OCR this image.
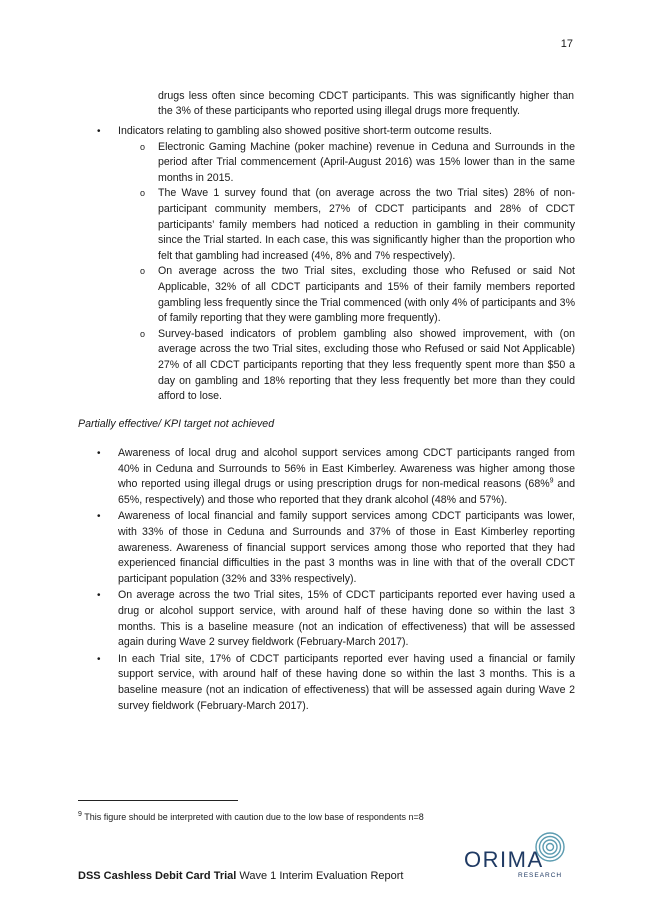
17

drugs less often since becoming CDCT participants. This was significantly higher than the 3% of these participants who reported using illegal drugs more frequently.

• Indicators relating to gambling also showed positive short-term outcome results.
o Electronic Gaming Machine (poker machine) revenue in Ceduna and Surrounds in the period after Trial commencement (April-August 2016) was 15% lower than in the same months in 2015.
o The Wave 1 survey found that (on average across the two Trial sites) 28% of non-participant community members, 27% of CDCT participants and 28% of CDCT participants’ family members had noticed a reduction in gambling in their community since the Trial started. In each case, this was significantly higher than the proportion who felt that gambling had increased (4%, 8% and 7% respectively).
o On average across the two Trial sites, excluding those who Refused or said Not Applicable, 32% of all CDCT participants and 15% of their family members reported gambling less frequently since the Trial commenced (with only 4% of participants and 3% of family reporting that they were gambling more frequently).
o Survey-based indicators of problem gambling also showed improvement, with (on average across the two Trial sites, excluding those who Refused or said Not Applicable) 27% of all CDCT participants reporting that they less frequently spent more than $50 a day on gambling and 18% reporting that they less frequently bet more than they could afford to lose.
Partially effective/ KPI target not achieved
• Awareness of local drug and alcohol support services among CDCT participants ranged from 40% in Ceduna and Surrounds to 56% in East Kimberley. Awareness was higher among those who reported using illegal drugs or using prescription drugs for non-medical reasons (68%$^9$ and 65%, respectively) and those who reported that they drank alcohol (48% and 57%).
• Awareness of local financial and family support services among CDCT participants was lower, with 33% of those in Ceduna and Surrounds and 37% of those in East Kimberley reporting awareness. Awareness of financial support services among those who reported that they had experienced financial difficulties in the past 3 months was in line with that of the overall CDCT participant population (32% and 33% respectively).
• On average across the two Trial sites, 15% of CDCT participants reported ever having used a drug or alcohol support service, with around half of these having done so within the last 3 months. This is a baseline measure (not an indication of effectiveness) that will be assessed again during Wave 2 survey fieldwork (February-March 2017).
• In each Trial site, 17% of CDCT participants reported ever having used a financial or family support service, with around half of these having done so within the last 3 months. This is a baseline measure (not an indication of effectiveness) that will be assessed again during Wave 2 survey fieldwork (February-March 2017).
$^9$ This figure should be interpreted with caution due to the low base of respondents n=8
DSS Cashless Debit Card Trial Wave 1 Interim Evaluation Report
ORIMA
RESEARCH
